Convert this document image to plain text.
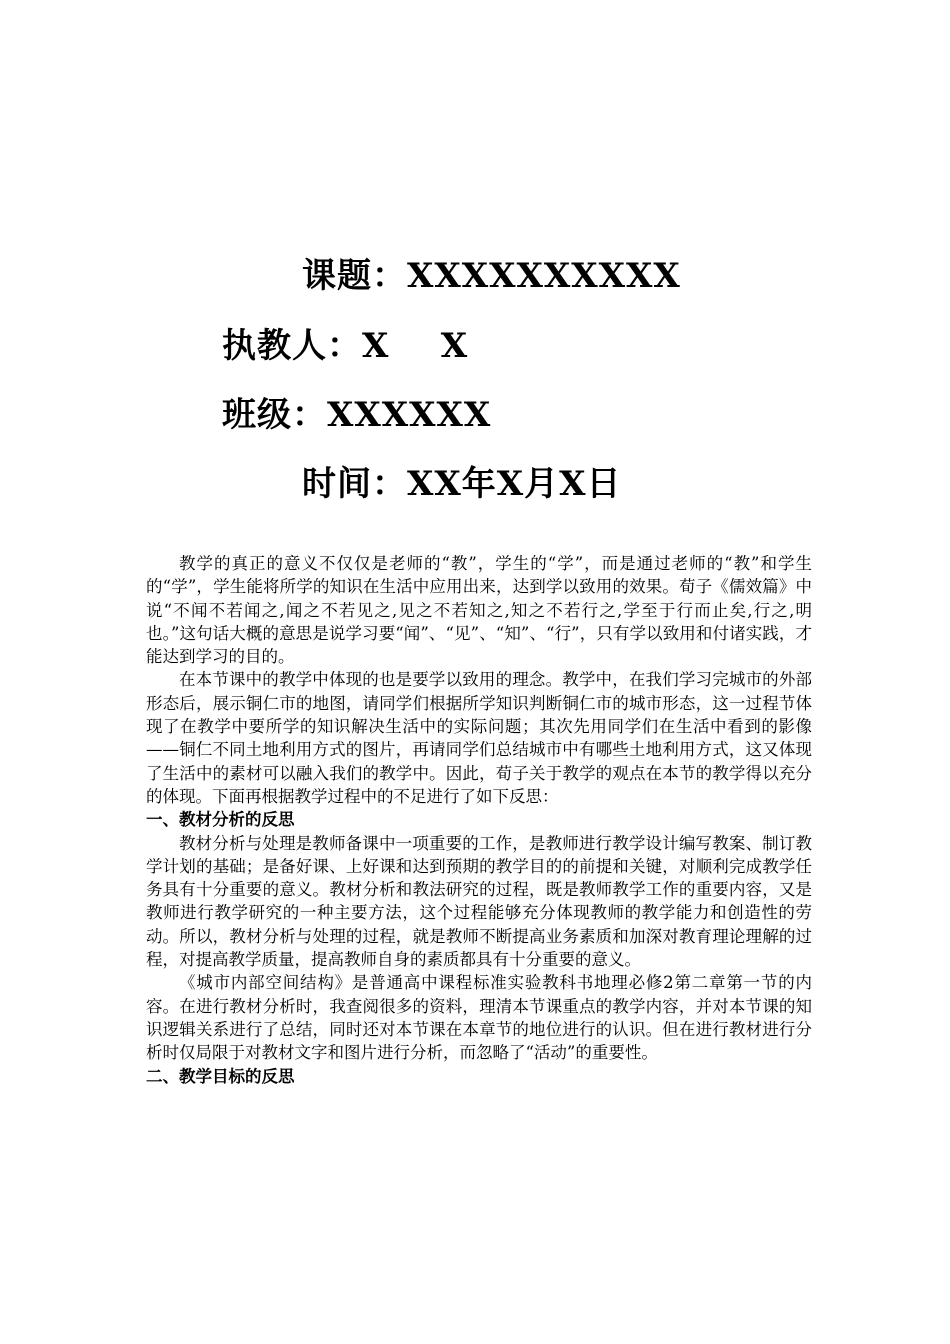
课题：XXXXXXXXXX
执教人：X    X
班级：XXXXXX
时间：XX年X月X日

教学的真正的意义不仅仅是老师的“教”，学生的“学”，而是通过老师的“教”和学生的“学”，学生能将所学的知识在生活中应用出来，达到学以致用的效果。荀子《儒效篇》中说“不闻不若闻之,闻之不若见之,见之不若知之,知之不若行之,学至于行而止矣,行之,明也。”这句话大概的意思是说学习要“闻”、“见”、“知”、“行”，只有学以致用和付诸实践，才能达到学习的目的。

在本节课中的教学中体现的也是要学以致用的理念。教学中，在我们学习完城市的外部形态后，展示铜仁市的地图，请同学们根据所学知识判断铜仁市的城市形态，这一过程节体现了在教学中要所学的知识解决生活中的实际问题；其次先用同学们在生活中看到的影像——铜仁不同土地利用方式的图片，再请同学们总结城市中有哪些土地利用方式，这又体现了生活中的素材可以融入我们的教学中。因此，荀子关于教学的观点在本节的教学得以充分的体现。下面再根据教学过程中的不足进行了如下反思：

一、教材分析的反思

教材分析与处理是教师备课中一项重要的工作，是教师进行教学设计编写教案、制订教学计划的基础；是备好课、上好课和达到预期的教学目的的前提和关键，对顺利完成教学任务具有十分重要的意义。教材分析和教法研究的过程，既是教师教学工作的重要内容，又是教师进行教学研究的一种主要方法，这个过程能够充分体现教师的教学能力和创造性的劳动。所以，教材分析与处理的过程，就是教师不断提高业务素质和加深对教育理论理解的过程，对提高教学质量，提高教师自身的素质都具有十分重要的意义。

《城市内部空间结构》是普通高中课程标准实验教科书地理必修2第二章第一节的内容。在进行教材分析时，我查阅很多的资料，理清本节课重点的教学内容，并对本节课的知识逻辑关系进行了总结，同时还对本节课在本章节的地位进行的认识。但在进行教材进行分析时仅局限于对教材文字和图片进行分析，而忽略了“活动”的重要性。

二、教学目标的反思
